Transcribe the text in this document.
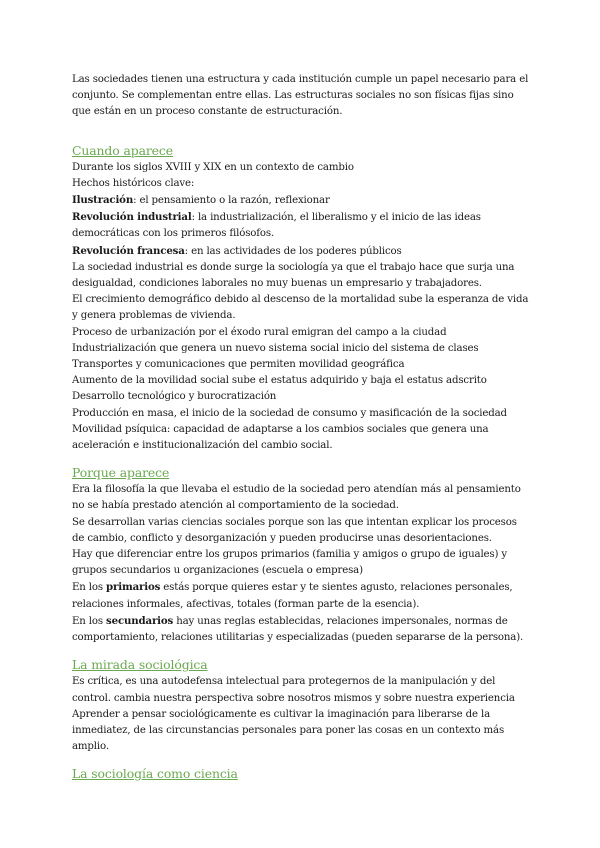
Las sociedades tienen una estructura y cada institución cumple un papel necesario para el conjunto. Se complementan entre ellas. Las estructuras sociales no son físicas fijas sino que están en un proceso constante de estructuración.

Cuando aparece

Durante los siglos XVIII y XIX en un contexto de cambio

Hechos históricos clave:

Ilustración: el pensamiento o la razón, reflexionar

Revolución industrial: la industrialización, el liberalismo y el inicio de las ideas democráticas con los primeros filósofos.

Revolución francesa: en las actividades de los poderes públicos

La sociedad industrial es donde surge la sociología ya que el trabajo hace que surja una desigualdad, condiciones laborales no muy buenas un empresario y trabajadores.

El crecimiento demográfico debido al descenso de la mortalidad sube la esperanza de vida y genera problemas de vivienda.

Proceso de urbanización por el éxodo rural emigran del campo a la ciudad

Industrialización que genera un nuevo sistema social inicio del sistema de clases

Transportes y comunicaciones que permiten movilidad geográfica

Aumento de la movilidad social sube el estatus adquirido y baja el estatus adscrito

Desarrollo tecnológico y burocratización

Producción en masa, el inicio de la sociedad de consumo y masificación de la sociedad

Movilidad psíquica: capacidad de adaptarse a los cambios sociales que genera una aceleración e institucionalización del cambio social.

Porque aparece

Era la filosofía la que llevaba el estudio de la sociedad pero atendían más al pensamiento no se había prestado atención al comportamiento de la sociedad.

Se desarrollan varias ciencias sociales porque son las que intentan explicar los procesos de cambio, conflicto y desorganización y pueden producirse unas desorientaciones.

Hay que diferenciar entre los grupos primarios (familia y amigos o grupo de iguales) y grupos secundarios u organizaciones (escuela o empresa)

En los primarios estás porque quieres estar y te sientes agusto, relaciones personales, relaciones informales, afectivas, totales (forman parte de la esencia).

En los secundarios hay unas reglas establecidas, relaciones impersonales, normas de comportamiento, relaciones utilitarias y especializadas (pueden separarse de la persona).

La mirada sociológica

Es crítica, es una autodefensa intelectual para protegernos de la manipulación y del control. cambia nuestra perspectiva sobre nosotros mismos y sobre nuestra experiencia

Aprender a pensar sociológicamente es cultivar la imaginación para liberarse de la inmediatez, de las circunstancias personales para poner las cosas en un contexto más amplio.

La sociología como ciencia
